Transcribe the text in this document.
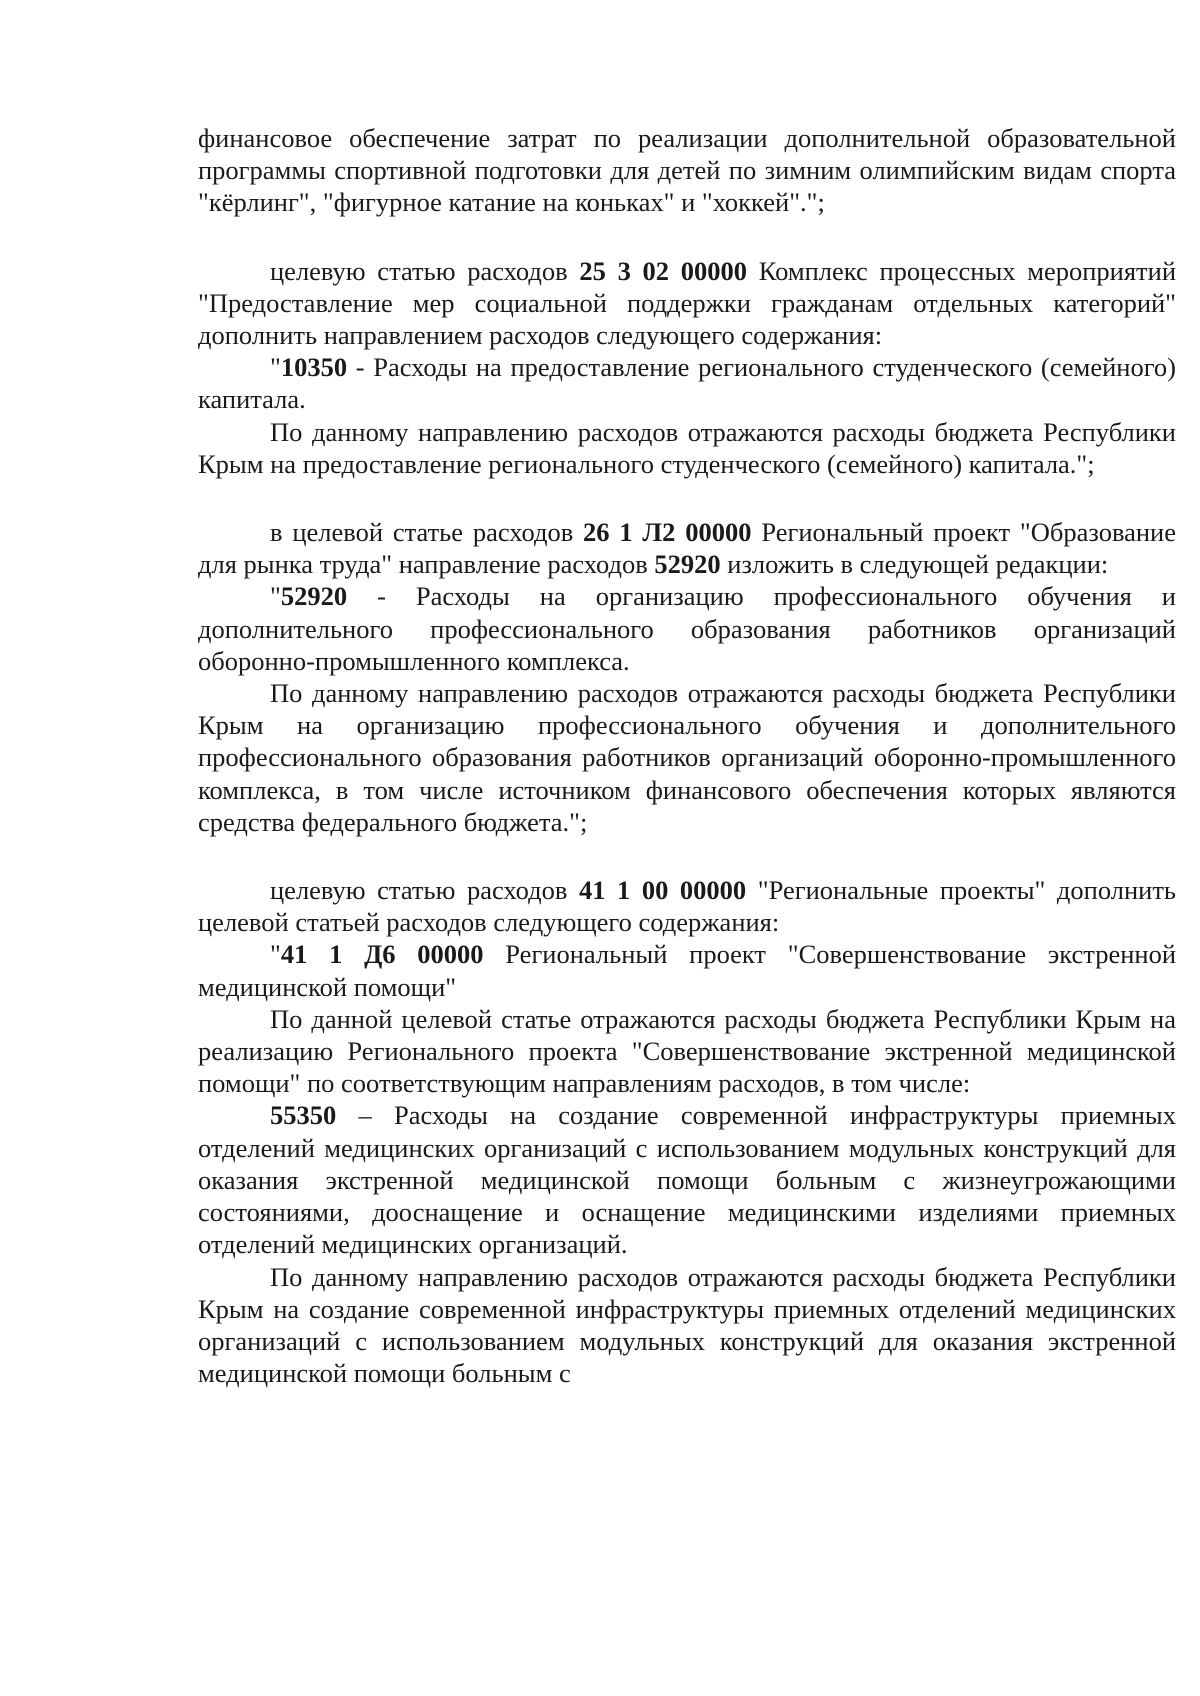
финансовое обеспечение затрат по реализации дополнительной образовательной программы спортивной подготовки для детей по зимним олимпийским видам спорта "кёрлинг", "фигурное катание на коньках" и "хоккей".";

целевую статью расходов 25 3 02 00000 Комплекс процессных мероприятий "Предоставление мер социальной поддержки гражданам отдельных категорий" дополнить направлением расходов следующего содержания:

"10350 - Расходы на предоставление регионального студенческого (семейного) капитала.

По данному направлению расходов отражаются расходы бюджета Республики Крым на предоставление регионального студенческого (семейного) капитала.";

в целевой статье расходов 26 1 Л2 00000 Региональный проект "Образование для рынка труда" направление расходов 52920 изложить в следующей редакции:

"52920 - Расходы на организацию профессионального обучения и дополнительного профессионального образования работников организаций оборонно-промышленного комплекса.

По данному направлению расходов отражаются расходы бюджета Республики Крым на организацию профессионального обучения и дополнительного профессионального образования работников организаций оборонно-промышленного комплекса, в том числе источником финансового обеспечения которых являются средства федерального бюджета.";

целевую статью расходов 41 1 00 00000 "Региональные проекты" дополнить целевой статьей расходов следующего содержания:

"41 1 Д6 00000 Региональный проект "Совершенствование экстренной медицинской помощи"

По данной целевой статье отражаются расходы бюджета Республики Крым на реализацию Регионального проекта "Совершенствование экстренной медицинской помощи" по соответствующим направлениям расходов, в том числе:

55350 – Расходы на создание современной инфраструктуры приемных отделений медицинских организаций с использованием модульных конструкций для оказания экстренной медицинской помощи больным с жизнеугрожающими состояниями, дооснащение и оснащение медицинскими изделиями приемных отделений медицинских организаций.

По данному направлению расходов отражаются расходы бюджета Республики Крым на создание современной инфраструктуры приемных отделений медицинских организаций с использованием модульных конструкций для оказания экстренной медицинской помощи больным с
